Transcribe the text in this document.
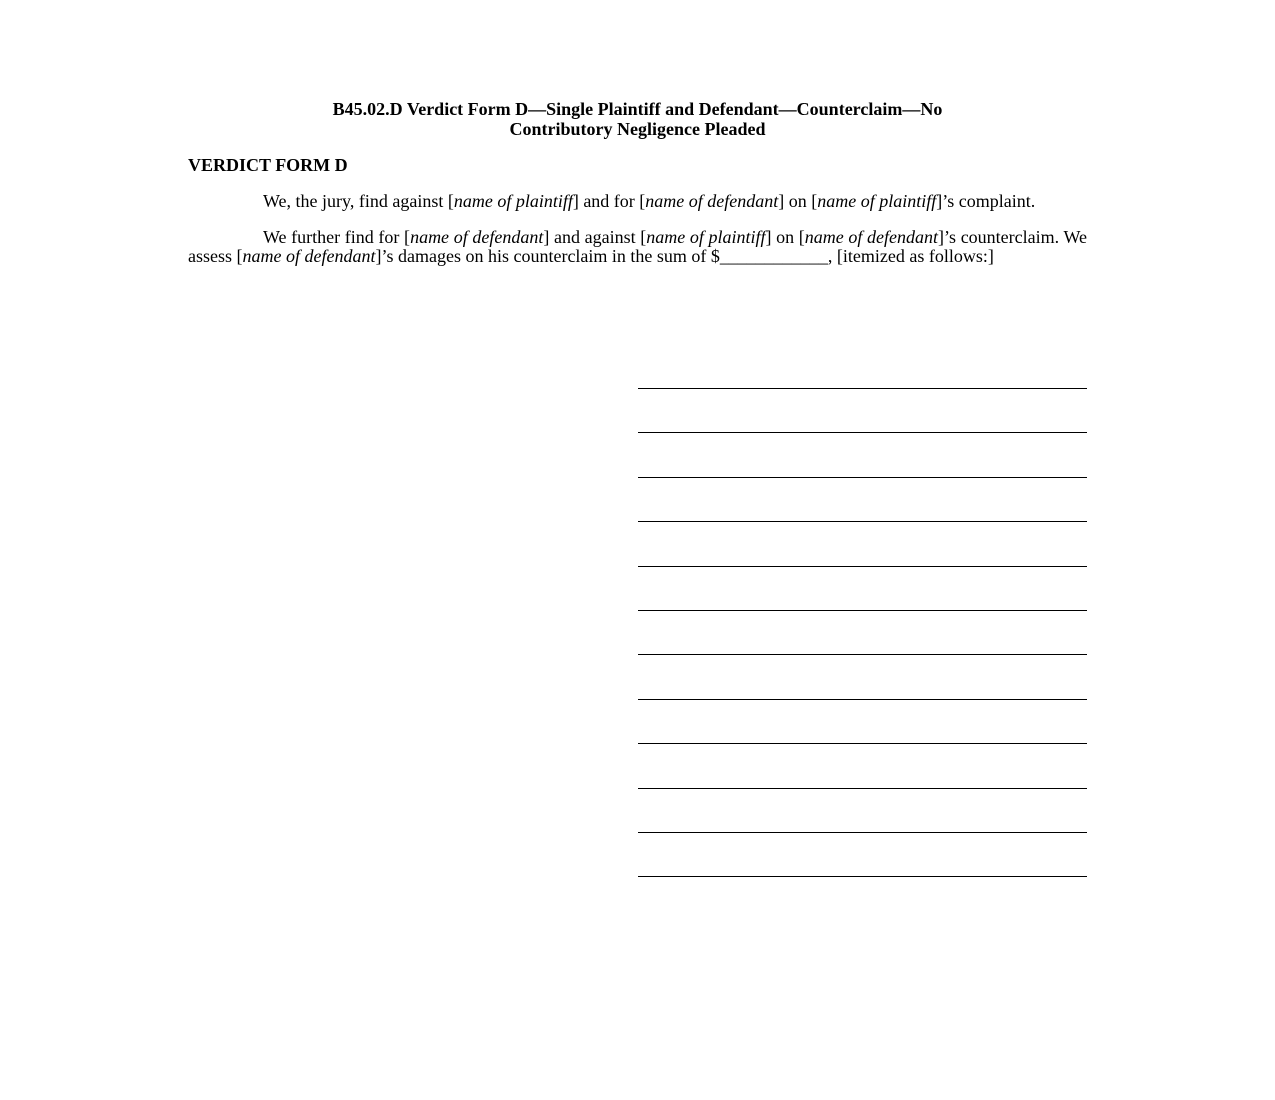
B45.02.D Verdict Form D—Single Plaintiff and Defendant—Counterclaim—No
Contributory Negligence Pleaded

VERDICT FORM D

We, the jury, find against [name of plaintiff] and for [name of defendant] on [name of plaintiff]’s complaint.

We further find for [name of defendant] and against [name of plaintiff] on [name of defendant]’s counterclaim. We assess [name of defendant]’s damages on his counterclaim in the sum of $____________, [itemized as follows:]
